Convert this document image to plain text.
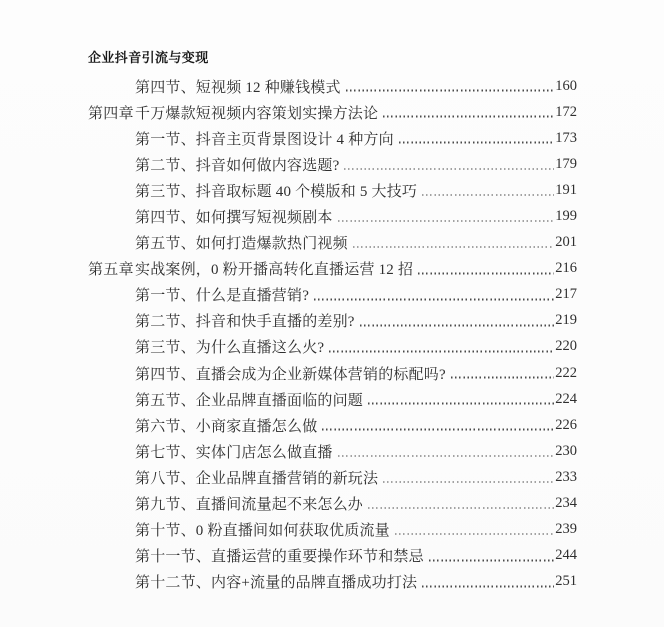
企业抖音引流与变现
第四节、短视频 12 种赚钱模式	160
第四章 千万爆款短视频内容策划实操方法论	172
第一节、抖音主页背景图设计 4 种方向	173
第二节、抖音如何做内容选题?	179
第三节、抖音取标题 40 个模版和 5 大技巧	191
第四节、如何撰写短视频剧本	199
第五节、如何打造爆款热门视频	201
第五章 实战案例，0 粉开播高转化直播运营 12 招	216
第一节、什么是直播营销?	217
第二节、抖音和快手直播的差别?	219
第三节、为什么直播这么火?	220
第四节、直播会成为企业新媒体营销的标配吗?	222
第五节、企业品牌直播面临的问题	224
第六节、小商家直播怎么做	226
第七节、实体门店怎么做直播	230
第八节、企业品牌直播营销的新玩法	233
第九节、直播间流量起不来怎么办	234
第十节、0 粉直播间如何获取优质流量	239
第十一节、直播运营的重要操作环节和禁忌	244
第十二节、内容+流量的品牌直播成功打法	251
